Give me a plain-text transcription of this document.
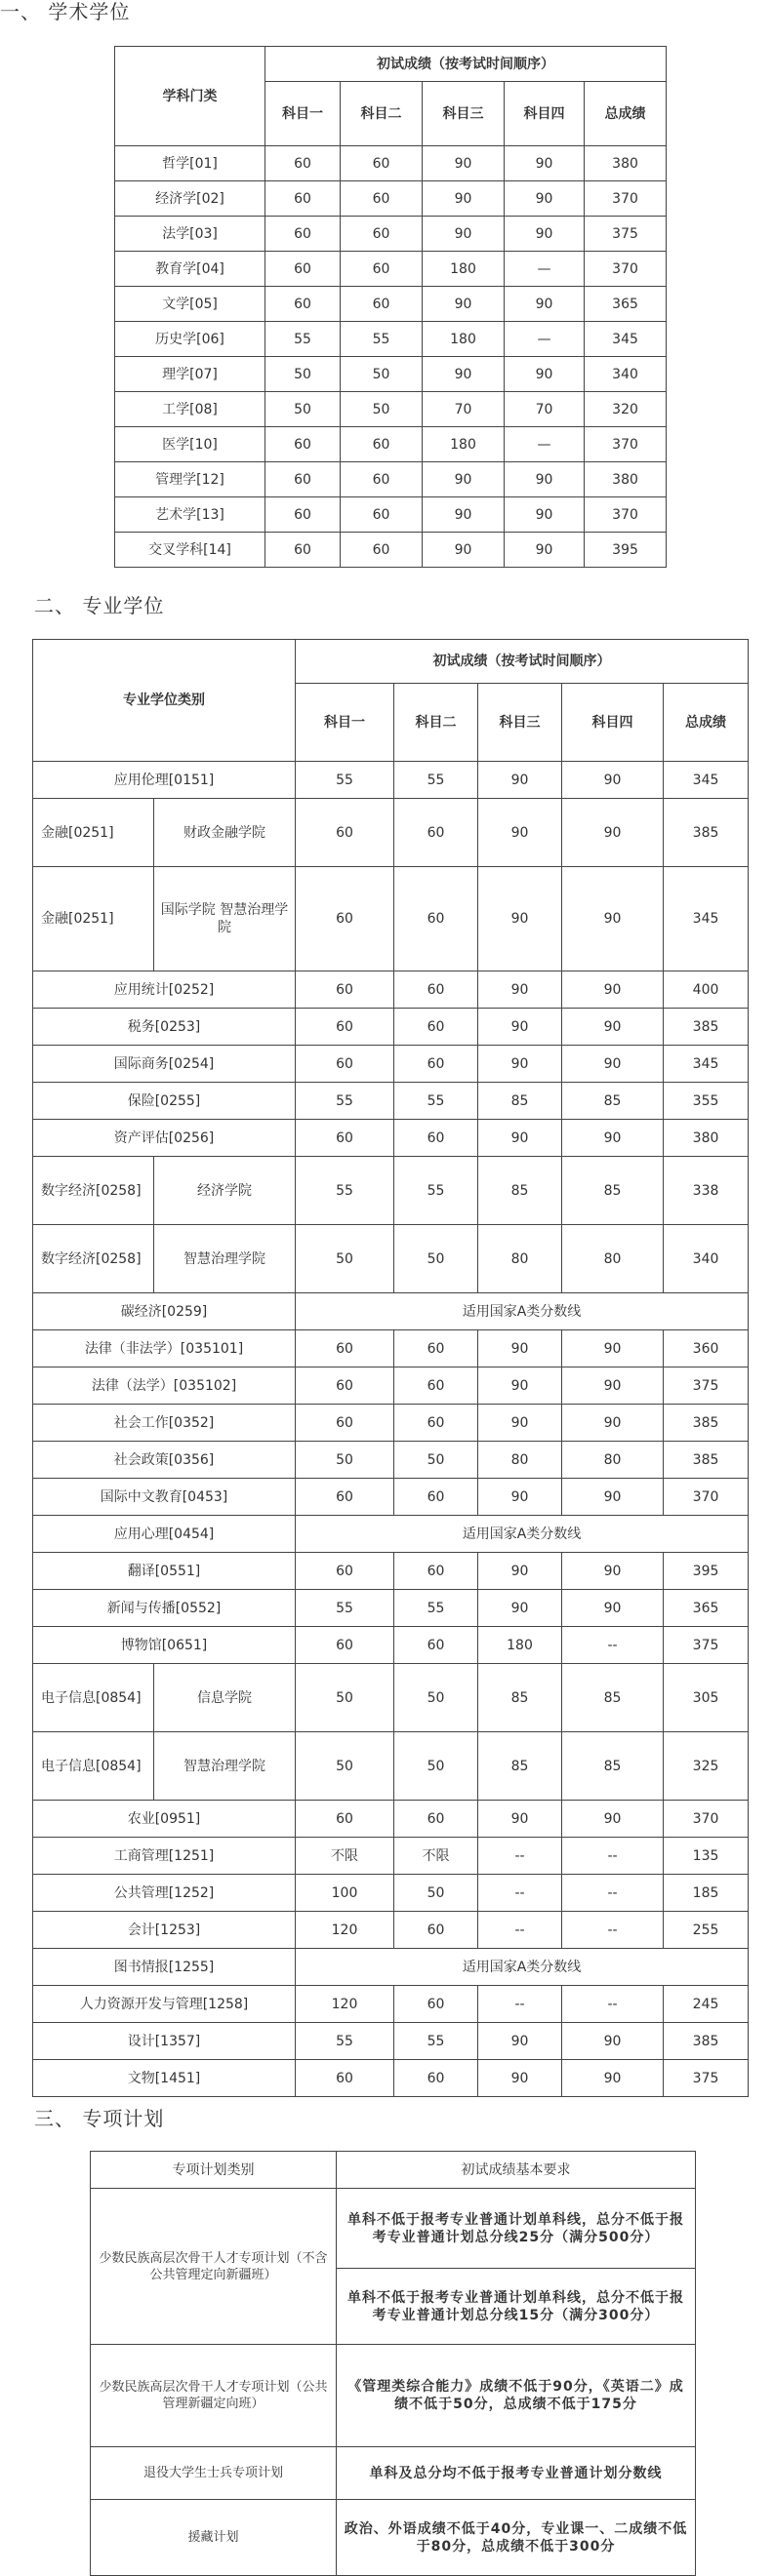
一、 学术学位
二、 专业学位
三、 专项计划
学科门类	初试成绩（按考试时间顺序）				
	科目一	科目二	科目三	科目四	总成绩
哲学[01]	60	60	90	90	380
经济学[02]	60	60	90	90	370
法学[03]	60	60	90	90	375
教育学[04]	60	60	180	—	370
文学[05]	60	60	90	90	365
历史学[06]	55	55	180	—	345
理学[07]	50	50	90	90	340
工学[08]	50	50	70	70	320
医学[10]	60	60	180	—	370
管理学[12]	60	60	90	90	380
艺术学[13]	60	60	90	90	370
交叉学科[14]	60	60	90	90	395
专业学位类别		初试成绩（按考试时间顺序）				
		科目一	科目二	科目三	科目四	总成绩
应用伦理[0151]		55	55	90	90	345
金融[0251]	财政金融学院	60	60	90	90	385
金融[0251]	国际学院 智慧治理学院	60	60	90	90	345
应用统计[0252]		60	60	90	90	400
税务[0253]		60	60	90	90	385
国际商务[0254]		60	60	90	90	345
保险[0255]		55	55	85	85	355
资产评估[0256]		60	60	90	90	380
数字经济[0258]	经济学院	55	55	85	85	338
数字经济[0258]	智慧治理学院	50	50	80	80	340
碳经济[0259]		适用国家A类分数线				
法律（非法学）[035101]		60	60	90	90	360
法律（法学）[035102]		60	60	90	90	375
社会工作[0352]		60	60	90	90	385
社会政策[0356]		50	50	80	80	385
国际中文教育[0453]		60	60	90	90	370
应用心理[0454]		适用国家A类分数线				
翻译[0551]		60	60	90	90	395
新闻与传播[0552]		55	55	90	90	365
博物馆[0651]		60	60	180	--	375
电子信息[0854]	信息学院	50	50	85	85	305
电子信息[0854]	智慧治理学院	50	50	85	85	325
农业[0951]		60	60	90	90	370
工商管理[1251]		不限	不限	--	--	135
公共管理[1252]		100	50	--	--	185
会计[1253]		120	60	--	--	255
图书情报[1255]		适用国家A类分数线				
人力资源开发与管理[1258]		120	60	--	--	245
设计[1357]		55	55	90	90	385
文物[1451]		60	60	90	90	375
专项计划类别	初试成绩基本要求
少数民族高层次骨干人才专项计划（不含公共管理定向新疆班）	单科不低于报考专业普通计划单科线，总分不低于报考专业普通计划总分线25分（满分500分）
	单科不低于报考专业普通计划单科线，总分不低于报考专业普通计划总分线15分（满分300分）
少数民族高层次骨干人才专项计划（公共管理新疆定向班）	《管理类综合能力》成绩不低于90分，《英语二》成绩不低于50分，总成绩不低于175分
退役大学生士兵专项计划	单科及总分均不低于报考专业普通计划分数线
援藏计划	政治、外语成绩不低于40分，专业课一、二成绩不低于80分，总成绩不低于300分
